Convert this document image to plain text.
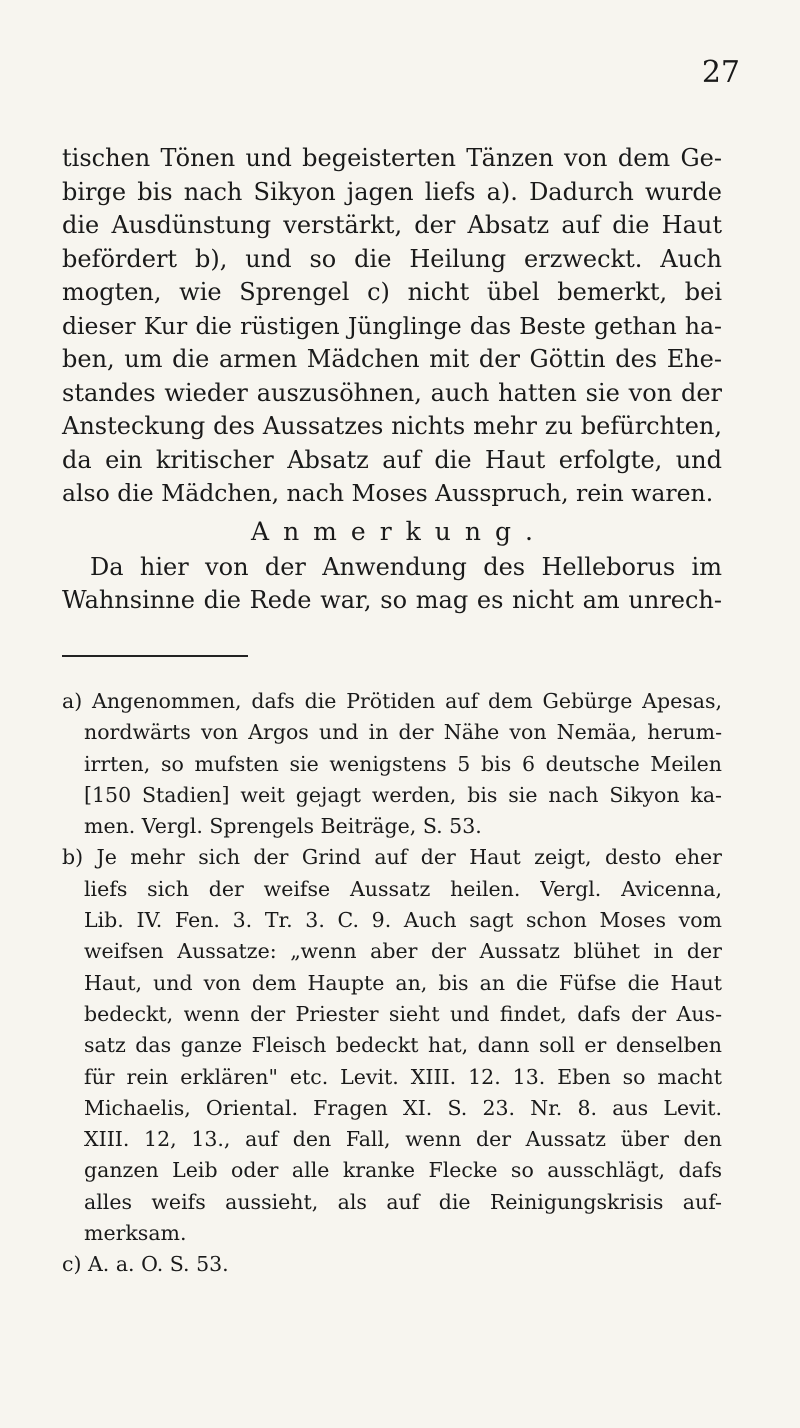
27
tischen Tönen und begeisterten Tänzen von dem Ge-
birge bis nach Sikyon jagen liefs a). Dadurch wurde
die Ausdünstung verstärkt, der Absatz auf die Haut
befördert b), und so die Heilung erzweckt. Auch
mogten, wie Sprengel c) nicht übel bemerkt, bei
dieser Kur die rüstigen Jünglinge das Beste gethan ha-
ben, um die armen Mädchen mit der Göttin des Ehe-
standes wieder auszusöhnen, auch hatten sie von der
Ansteckung des Aussatzes nichts mehr zu befürchten,
da ein kritischer Absatz auf die Haut erfolgte, und
also die Mädchen, nach Moses Ausspruch, rein waren.
Anmerkung.
Da hier von der Anwendung des Helleborus im
Wahnsinne die Rede war, so mag es nicht am unrech-
a) Angenommen, dafs die Prötiden auf dem Gebürge Apesas,
nordwärts von Argos und in der Nähe von Nemäa, herum-
irrten, so mufsten sie wenigstens 5 bis 6 deutsche Meilen
[150 Stadien] weit gejagt werden, bis sie nach Sikyon ka-
men. Vergl. Sprengels Beiträge, S. 53.
b) Je mehr sich der Grind auf der Haut zeigt, desto eher
liefs sich der weifse Aussatz heilen. Vergl. Avicenna,
Lib. IV. Fen. 3. Tr. 3. C. 9. Auch sagt schon Moses vom
weifsen Aussatze: „wenn aber der Aussatz blühet in der
Haut, und von dem Haupte an, bis an die Füfse die Haut
bedeckt, wenn der Priester sieht und findet, dafs der Aus-
satz das ganze Fleisch bedeckt hat, dann soll er denselben
für rein erklären" etc. Levit. XIII. 12. 13. Eben so macht
Michaelis, Oriental. Fragen XI. S. 23. Nr. 8. aus Levit.
XIII. 12, 13., auf den Fall, wenn der Aussatz über den
ganzen Leib oder alle kranke Flecke so ausschlägt, dafs
alles weifs aussieht, als auf die Reinigungskrisis auf-
merksam.
c) A. a. O. S. 53.
